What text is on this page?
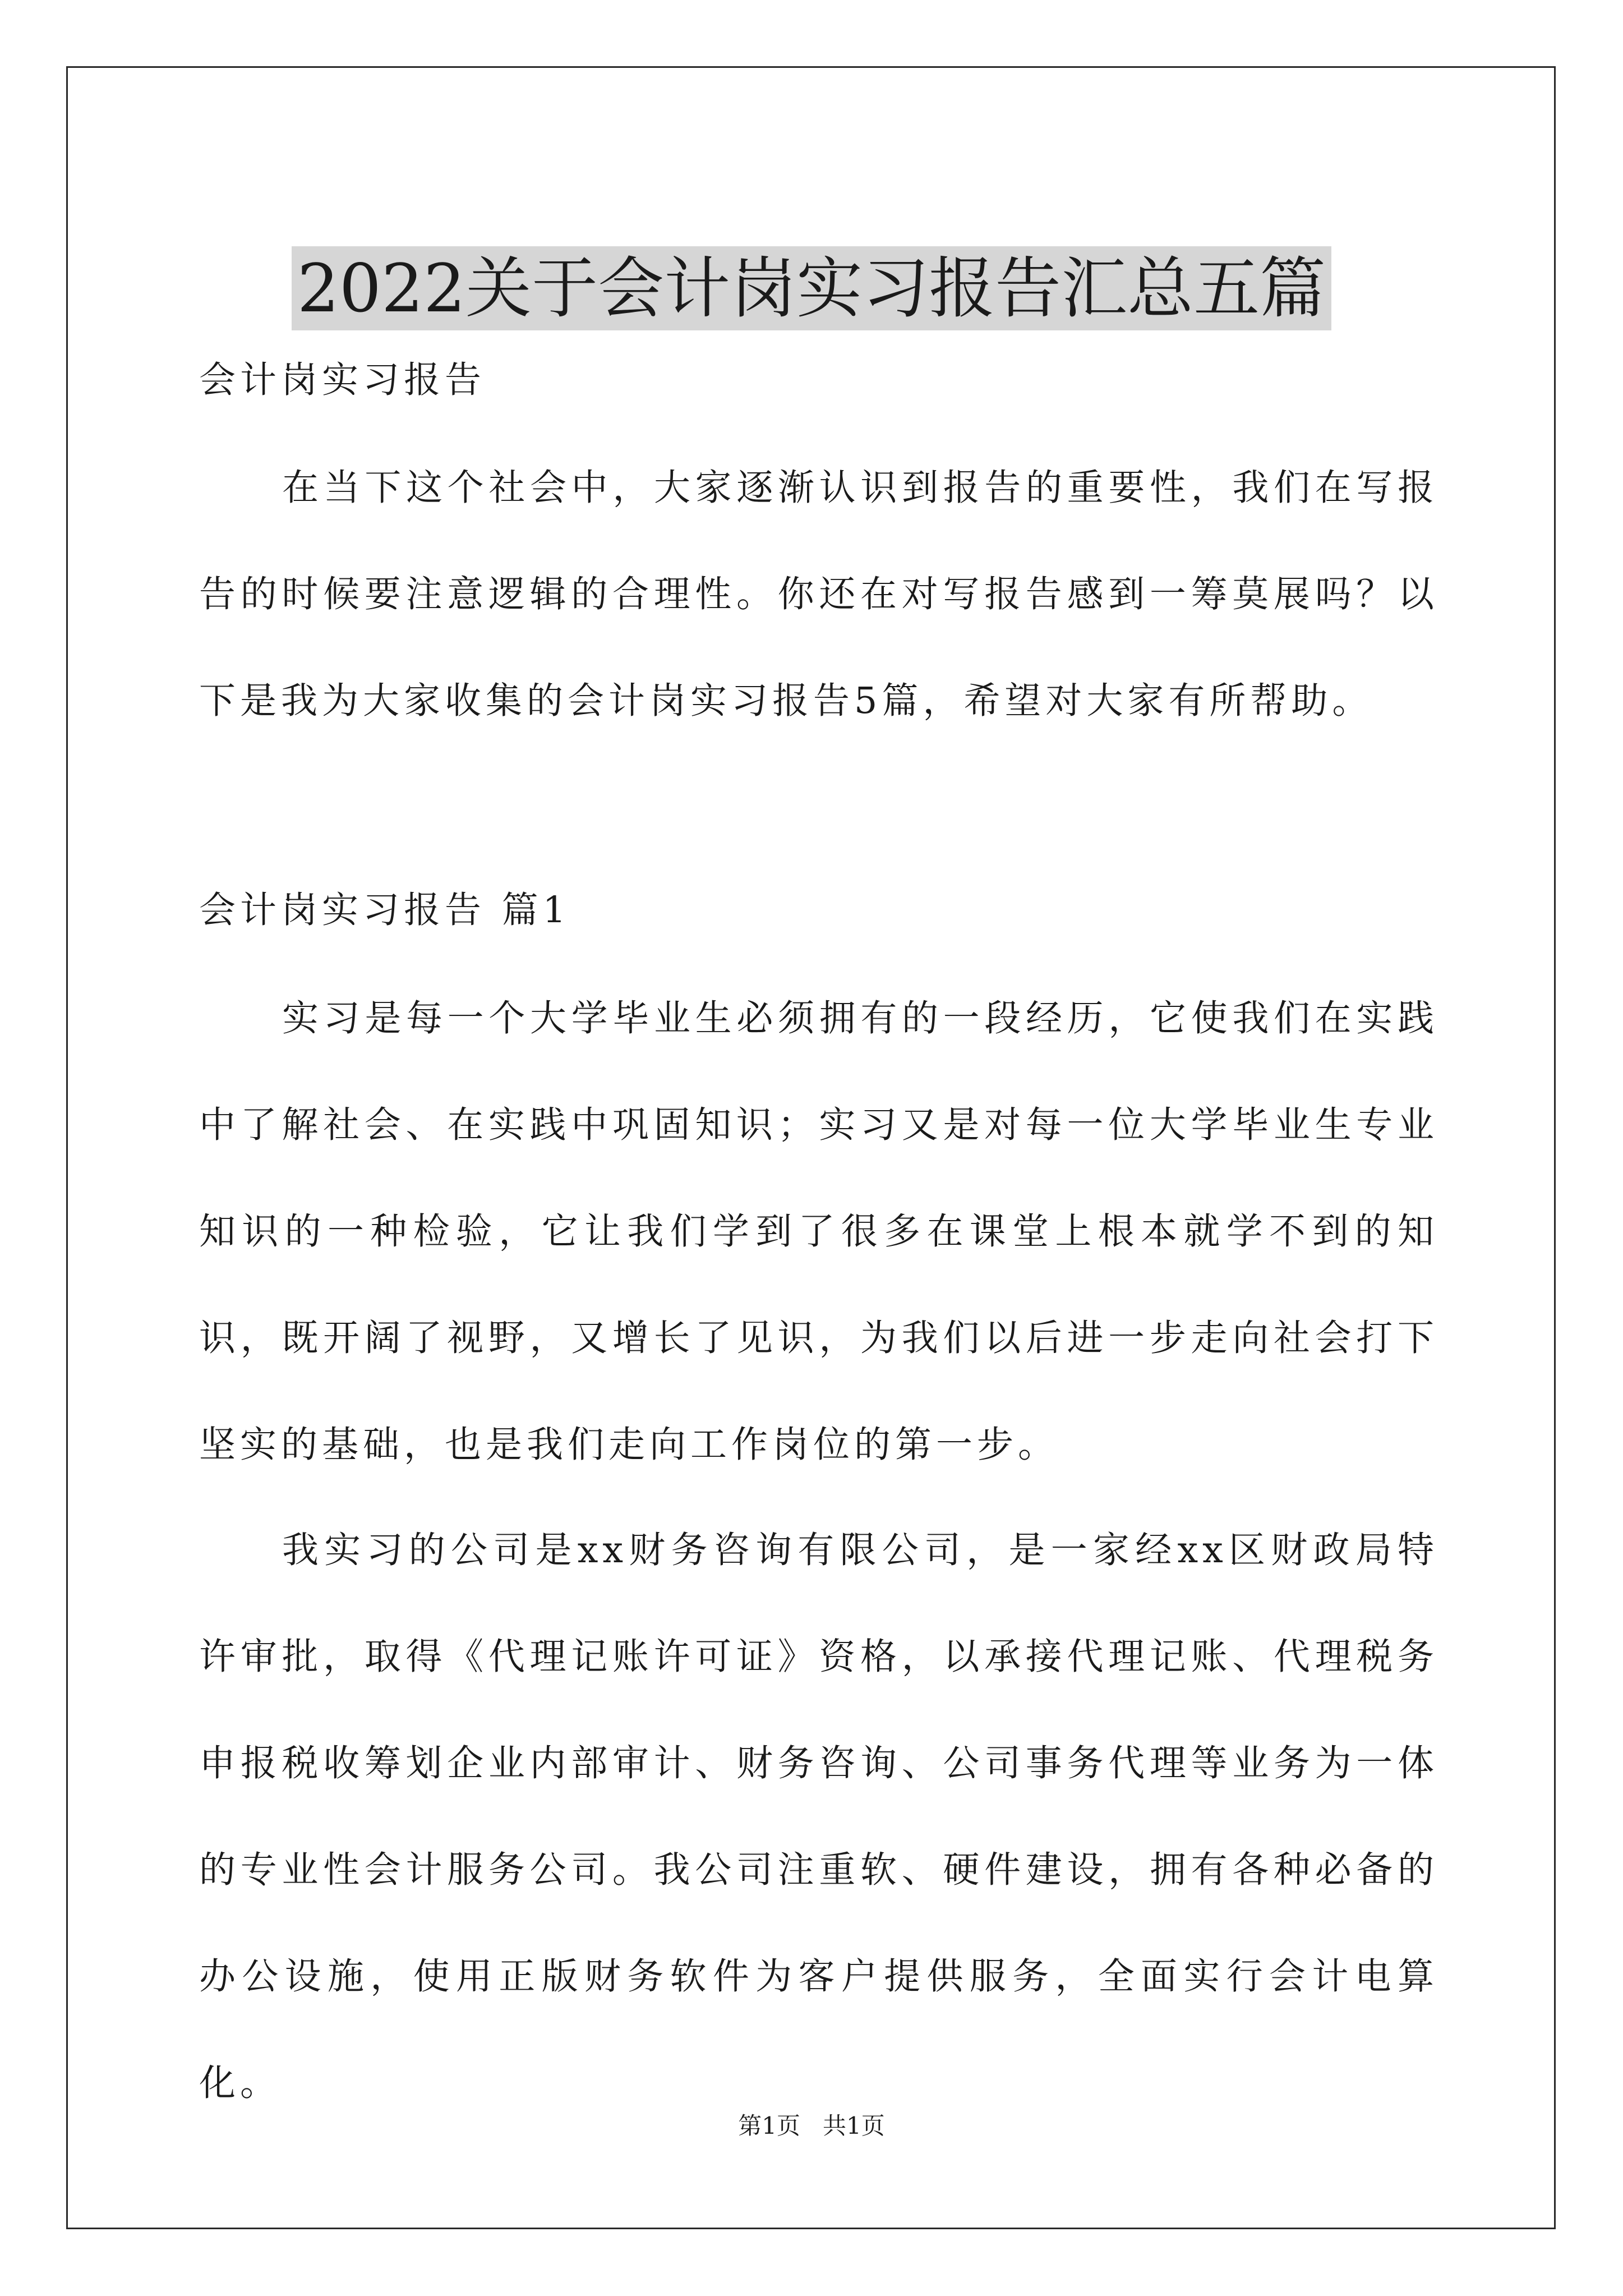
2022关于会计岗实习报告汇总五篇
会计岗实习报告

在当下这个社会中，大家逐渐认识到报告的重要性，我们在写报告的时候要注意逻辑的合理性。你还在对写报告感到一筹莫展吗？以下是我为大家收集的会计岗实习报告5篇，希望对大家有所帮助。

会计岗实习报告 篇1

实习是每一个大学毕业生必须拥有的一段经历，它使我们在实践中了解社会、在实践中巩固知识；实习又是对每一位大学毕业生专业知识的一种检验，它让我们学到了很多在课堂上根本就学不到的知识，既开阔了视野，又增长了见识，为我们以后进一步走向社会打下坚实的基础，也是我们走向工作岗位的第一步。

我实习的公司是xx财务咨询有限公司，是一家经xx区财政局特许审批，取得《代理记账许可证》资格，以承接代理记账、代理税务申报税收筹划企业内部审计、财务咨询、公司事务代理等业务为一体的专业性会计服务公司。我公司注重软、硬件建设，拥有各种必备的办公设施，使用正版财务软件为客户提供服务，全面实行会计电算化。

第1页   共1页
